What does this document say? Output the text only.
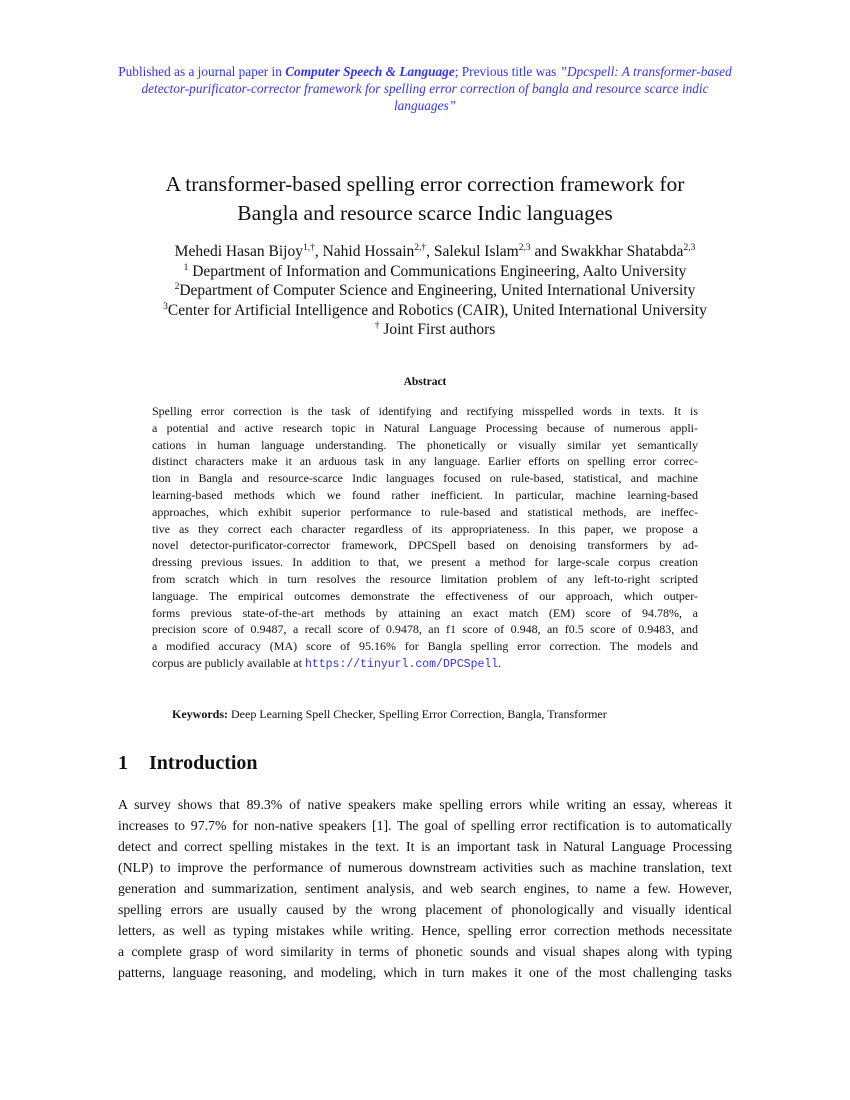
Published as a journal paper in Computer Speech & Language; Previous title was ”Dpcspell: A transformer-based detector-purificator-corrector framework for spelling error correction of bangla and resource scarce indic languages”
A transformer-based spelling error correction framework for
Bangla and resource scarce Indic languages
Mehedi Hasan Bijoy$^{1,\dagger}$, Nahid Hossain$^{2,\dagger}$, Salekul Islam$^{2,3}$ and Swakkhar Shatabda$^{2,3}$
$^1$ Department of Information and Communications Engineering, Aalto University
$^2$Department of Computer Science and Engineering, United International University
$^3$Center for Artificial Intelligence and Robotics (CAIR), United International University
† Joint First authors
Abstract
Spelling error correction is the task of identifying and rectifying misspelled words in texts. It is
a potential and active research topic in Natural Language Processing because of numerous appli-
cations in human language understanding. The phonetically or visually similar yet semantically
distinct characters make it an arduous task in any language. Earlier efforts on spelling error correc-
tion in Bangla and resource-scarce Indic languages focused on rule-based, statistical, and machine
learning-based methods which we found rather inefficient. In particular, machine learning-based
approaches, which exhibit superior performance to rule-based and statistical methods, are ineffec-
tive as they correct each character regardless of its appropriateness. In this paper, we propose a
novel detector-purificator-corrector framework, DPCSpell based on denoising transformers by ad-
dressing previous issues. In addition to that, we present a method for large-scale corpus creation
from scratch which in turn resolves the resource limitation problem of any left-to-right scripted
language. The empirical outcomes demonstrate the effectiveness of our approach, which outper-
forms previous state-of-the-art methods by attaining an exact match (EM) score of 94.78%, a
precision score of 0.9487, a recall score of 0.9478, an f1 score of 0.948, an f0.5 score of 0.9483, and
a modified accuracy (MA) score of 95.16% for Bangla spelling error correction. The models and
corpus are publicly available at https://tinyurl.com/DPCSpell.
Keywords: Deep Learning Spell Checker, Spelling Error Correction, Bangla, Transformer
1 Introduction
A survey shows that 89.3% of native speakers make spelling errors while writing an essay, whereas it
increases to 97.7% for non-native speakers [1]. The goal of spelling error rectification is to automatically
detect and correct spelling mistakes in the text. It is an important task in Natural Language Processing
(NLP) to improve the performance of numerous downstream activities such as machine translation, text
generation and summarization, sentiment analysis, and web search engines, to name a few. However,
spelling errors are usually caused by the wrong placement of phonologically and visually identical
letters, as well as typing mistakes while writing. Hence, spelling error correction methods necessitate
a complete grasp of word similarity in terms of phonetic sounds and visual shapes along with typing
patterns, language reasoning, and modeling, which in turn makes it one of the most challenging tasks
